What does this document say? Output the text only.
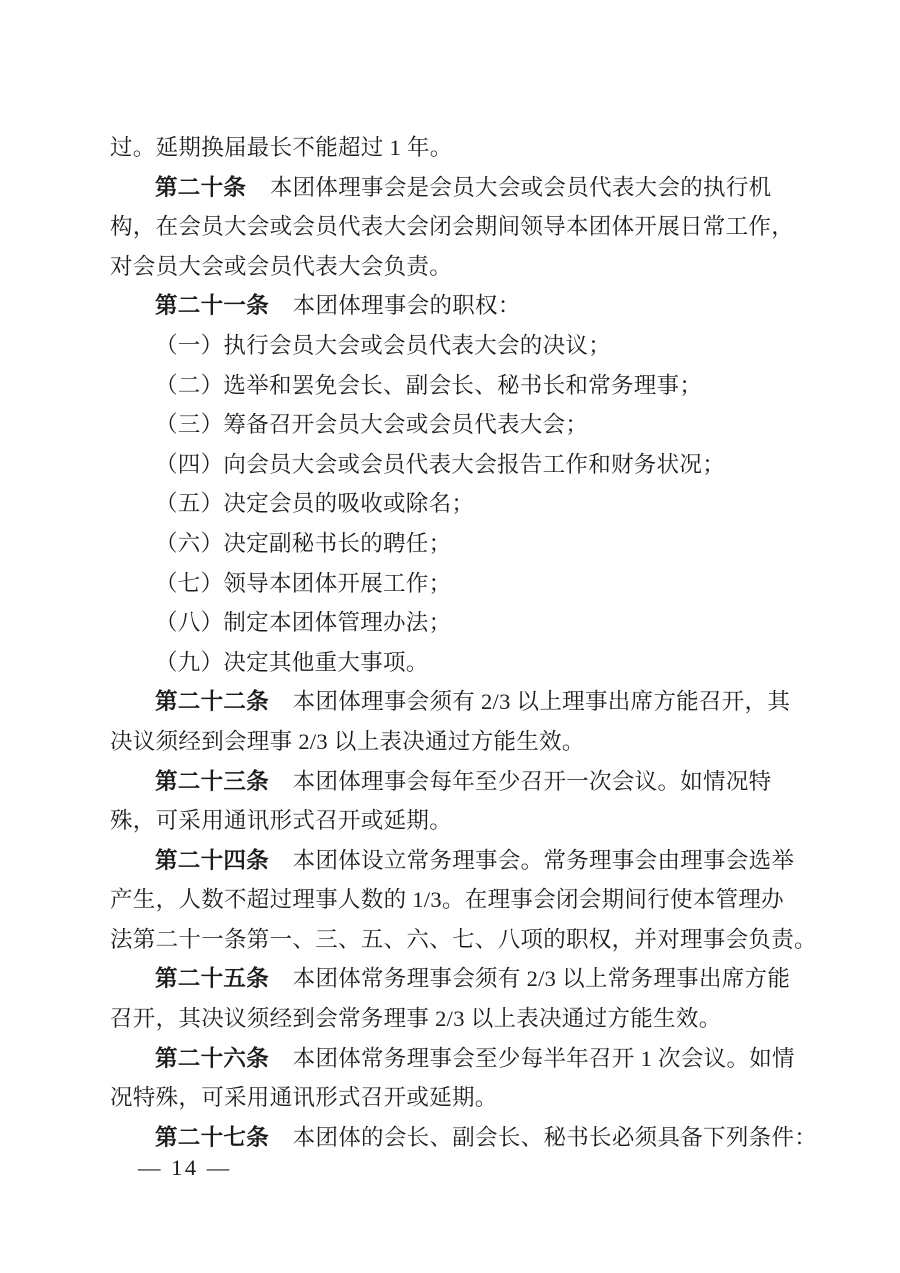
过。延期换届最长不能超过 1 年。
第二十条 本团体理事会是会员大会或会员代表大会的执行机
构，在会员大会或会员代表大会闭会期间领导本团体开展日常工作，
对会员大会或会员代表大会负责。
第二十一条 本团体理事会的职权：
（一）执行会员大会或会员代表大会的决议；
（二）选举和罢免会长、副会长、秘书长和常务理事；
（三）筹备召开会员大会或会员代表大会；
（四）向会员大会或会员代表大会报告工作和财务状况；
（五）决定会员的吸收或除名；
（六）决定副秘书长的聘任；
（七）领导本团体开展工作；
（八）制定本团体管理办法；
（九）决定其他重大事项。
第二十二条 本团体理事会须有 2/3 以上理事出席方能召开，其
决议须经到会理事 2/3 以上表决通过方能生效。
第二十三条 本团体理事会每年至少召开一次会议。如情况特
殊，可采用通讯形式召开或延期。
第二十四条 本团体设立常务理事会。常务理事会由理事会选举
产生，人数不超过理事人数的 1/3。在理事会闭会期间行使本管理办
法第二十一条第一、三、五、六、七、八项的职权，并对理事会负责。
第二十五条 本团体常务理事会须有 2/3 以上常务理事出席方能
召开，其决议须经到会常务理事 2/3 以上表决通过方能生效。
第二十六条 本团体常务理事会至少每半年召开 1 次会议。如情
况特殊，可采用通讯形式召开或延期。
第二十七条 本团体的会长、副会长、秘书长必须具备下列条件：
— 14 —
